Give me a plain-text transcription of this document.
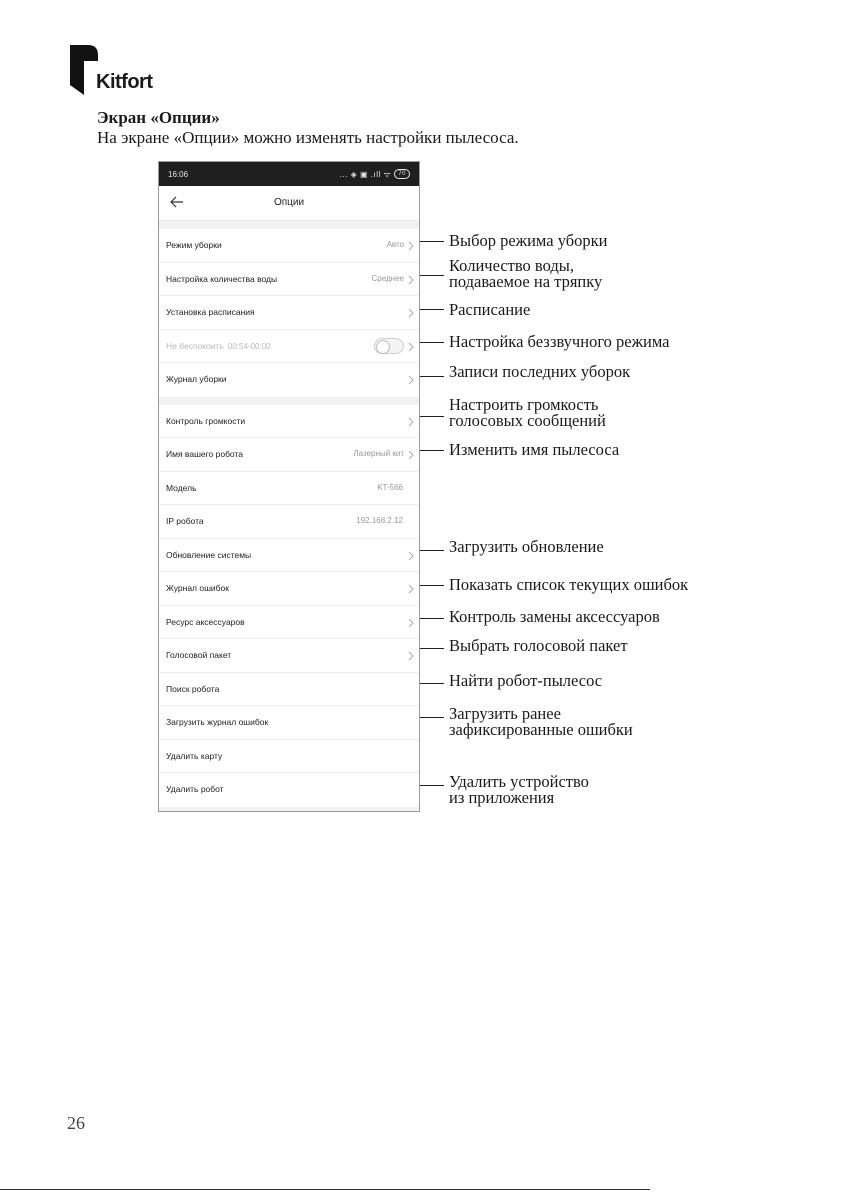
Kitfort
Экран «Опции»
На экране «Опции» можно изменять настройки пылесоса.
16:06	... ◈ ▣ .ıll ᯤ	70
Опции
Режим уборки	Авто
Настройка количества воды	Среднее
Установка расписания
Не беспокоить 00:54-00:00
Журнал уборки
Контроль громкости
Имя вашего робота	Лазерный кит
Модель	KT-566
IP робота	192.168.2.12
Обновление системы
Журнал ошибок
Ресурс аксессуаров
Голосовой пакет
Поиск робота
Загрузить журнал ошибок
Удалить карту
Удалить робот
Выбор режима уборки
Количество воды,
подаваемое на тряпку
Расписание
Настройка беззвучного режима
Записи последних уборок
Настроить громкость
голосовых сообщений
Изменить имя пылесоса
Загрузить обновление
Показать список текущих ошибок
Контроль замены аксессуаров
Выбрать голосовой пакет
Найти робот-пылесос
Загрузить ранее
зафиксированные ошибки
Удалить устройство
из приложения
26
